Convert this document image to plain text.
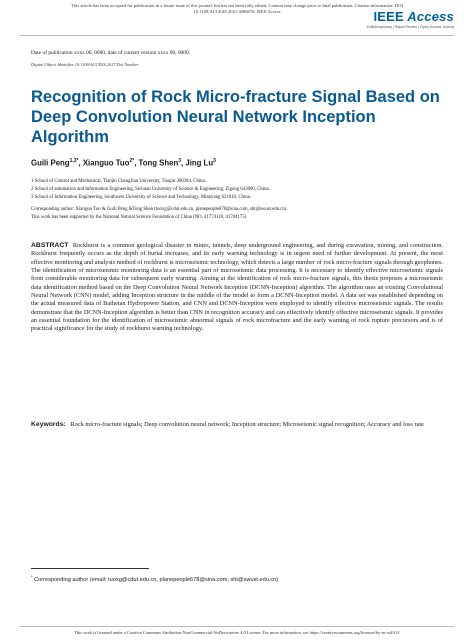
This article has been accepted for publication in a future issue of this journal, but has not been fully edited. Content may change prior to final publication. Citation information: DOI
10.1109/ACCESS.2021.3086676, IEEE Access	IEEE Access
Multidisciplinary | Rapid Review | Open Access Journal
Date of publication xxxx 00, 0000, date of current version xxxx 00, 0000.
Digital Object Identifier 10.1109/ACCESS.2017.Doi Number
Recognition of Rock Micro-fracture Signal Based on Deep Convolution Neural Network Inception Algorithm
Guili Peng$^{1,3*}$, Xianguo Tuo$^{2*}$, Tong Shen$^3$, Jing Lu$^3$

1 School of Control and Mechanical, Tianjin ChengJian University, Tianjin 300384, China.

2 School of automation and Information Engineering, Sichuan University of Science & Engineering, Zigong 643000, China.

3 School of Information Engineering, Southwest University of Science and Technology, Mianyang 621010, China.

Corresponding author: Xianguo Tuo & Guili Peng &Tong Shen (tuoxg@cdut.edu.cn, planepeople678@sina.com, sht@swust.edu.cn).

This work has been supported by the National Natural Science Foundation of China (NO. 41774118, 41704175)

ABSTRACT Rockburst is a common geological disaster in mines, tunnels, deep underground engineering, and during excavation, mining, and construction. Rockburst frequently occurs as the depth of burial increases, and its early warning technology is in urgent need of further development. At present, the most effective monitoring and analysis method of rockburst is microseismic technology, which detects a large number of rock micro-fracture signals through geophones. The identification of microseismic monitoring data is an essential part of microseismic data processing. It is necessary to identify effective microseismic signals from considerable monitoring data for subsequent early warning. Aiming at the identification of rock micro-fracture signals, this thesis proposes a microseismic data identification method based on the Deep Convolution Neural Network Inception (DCNN-Inception) algorithm. The algorithm uses an existing Convolutional Neural Network (CNN) model, adding Inception structure in the middle of the model to form a DCNN-Inception model. A data set was established depending on the actual measured data of Baihetan Hydropower Station, and CNN and DCNN-Inception were employed to identify effective microseismic signals. The results demonstrate that the DCNN-Inception algorithm is better than CNN in recognition accuracy and can effectively identify effective microseismic signals. It provides an essential foundation for the identification of microseismic abnormal signals of rock microfracture and the early warning of rock rupture precursors and is of practical significance for the study of rockburst warning technology.

Keywords: Rock micro-fracture signals; Deep convolution neural network; Inception structure; Microseismic signal recognition; Accuracy and loss rate

* Corresponding author (email: tuoxg@cdut.edu.cn, planepeople678@sina.com, sht@swust.edu.cn)
This work is licensed under a Creative Commons Attribution-NonCommercial-NoDerivatives 4.0 License. For more information, see https://creativecommons.org/licenses/by-nc-nd/4.0/
